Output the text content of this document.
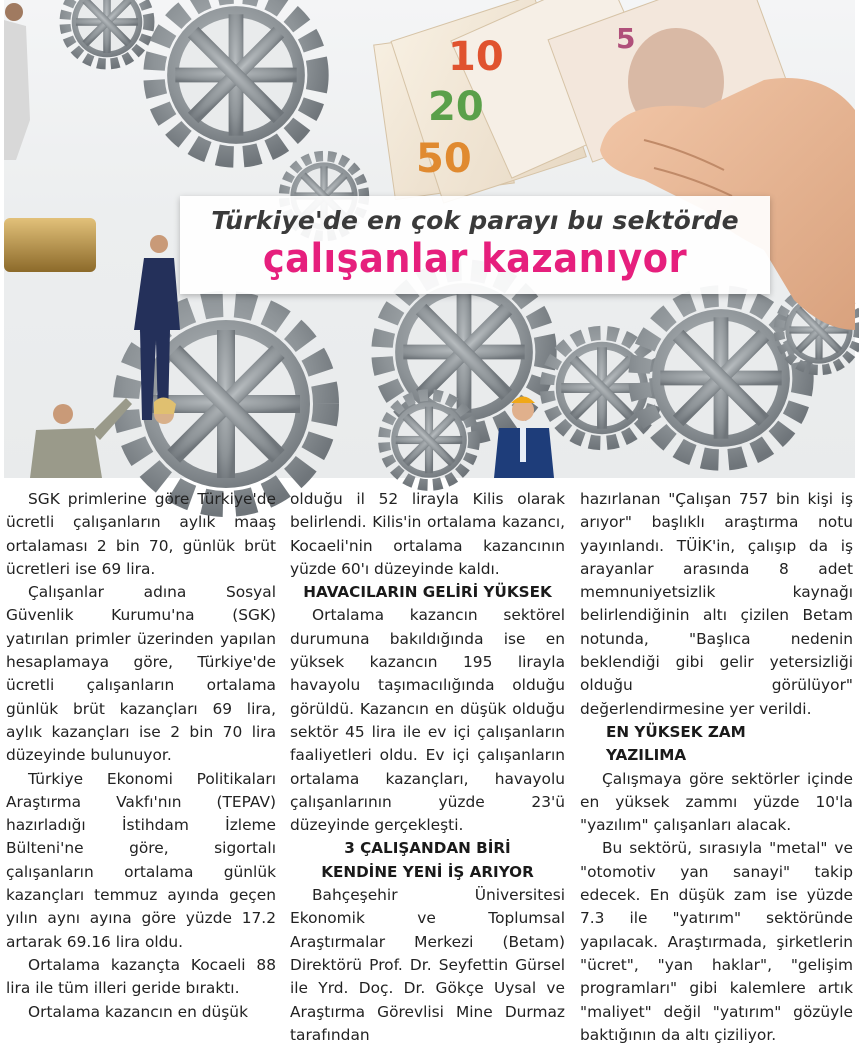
10
20
50
5
Türkiye'de en çok parayı bu sektörde
çalışanlar kazanıyor

SGK primlerine göre Türkiye'de ücretli çalışanların aylık maaş ortalaması 2 bin 70, günlük brüt ücretleri ise 69 lira.

Çalışanlar adına Sosyal Güvenlik Kurumu'na (SGK) yatırılan primler üzerinden yapılan hesaplamaya göre, Türkiye'de ücretli çalışanların ortalama günlük brüt kazançları 69 lira, aylık kazançları ise 2 bin 70 lira düzeyinde bulunuyor.

Türkiye Ekonomi Politikaları Araştırma Vakfı'nın (TEPAV) hazırladığı İstihdam İzleme Bülteni'ne göre, sigortalı çalışanların ortalama günlük kazançları temmuz ayında geçen yılın aynı ayına göre yüzde 17.2 artarak 69.16 lira oldu.

Ortalama kazançta Kocaeli 88 lira ile tüm illeri geride bıraktı.

Ortalama kazancın en düşük

olduğu il 52 lirayla Kilis olarak belirlendi. Kilis'in ortalama kazancı, Kocaeli'nin ortalama kazancının yüzde 60'ı düzeyinde kaldı.

HAVACILARIN GELİRİ YÜKSEK

Ortalama kazancın sektörel durumuna bakıldığında ise en yüksek kazancın 195 lirayla havayolu taşımacılığında olduğu görüldü. Kazancın en düşük olduğu sektör 45 lira ile ev içi çalışanların faaliyetleri oldu. Ev içi çalışanların ortalama kazançları, havayolu çalışanlarının yüzde 23'ü düzeyinde gerçekleşti.

3 ÇALIŞANDAN BİRİ
KENDİNE YENİ İŞ ARIYOR

Bahçeşehir Üniversitesi Ekonomik ve Toplumsal Araştırmalar Merkezi (Betam) Direktörü Prof. Dr. Seyfettin Gürsel ile Yrd. Doç. Dr. Gökçe Uysal ve Araştırma Görevlisi Mine Durmaz tarafından

hazırlanan "Çalışan 757 bin kişi iş arıyor" başlıklı araştırma notu yayınlandı. TÜİK'in, çalışıp da iş arayanlar arasında 8 adet memnuniyetsizlik kaynağı belirlendiğinin altı çizilen Betam notunda, "Başlıca nedenin beklendiği gibi gelir yetersizliği olduğu görülüyor" değerlendirmesine yer verildi.

EN YÜKSEK ZAM
YAZILIMA

Çalışmaya göre sektörler içinde en yüksek zammı yüzde 10'la "yazılım" çalışanları alacak.

Bu sektörü, sırasıyla "metal" ve "otomotiv yan sanayi" takip edecek. En düşük zam ise yüzde 7.3 ile "yatırım" sektöründe yapılacak. Araştırmada, şirketlerin "ücret", "yan haklar", "gelişim programları" gibi kalemlere artık "maliyet" değil "yatırım" gözüyle baktığının da altı çiziliyor.
